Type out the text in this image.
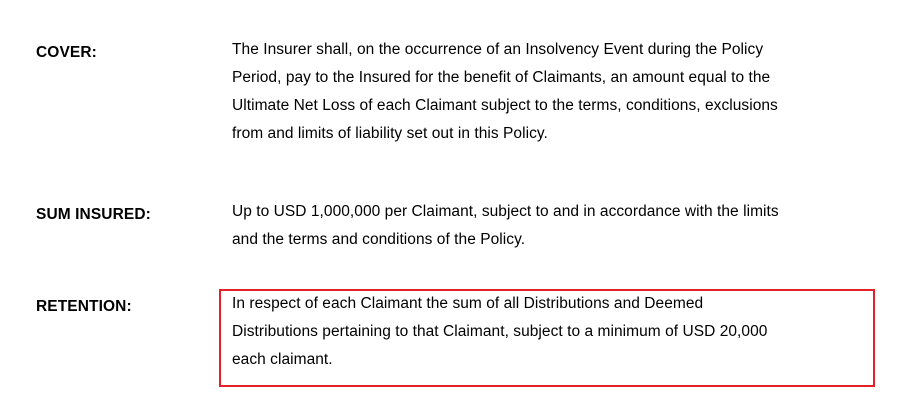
COVER:	The Insurer shall, on the occurrence of an Insolvency Event during the Policy
Period, pay to the Insured for the benefit of Claimants, an amount equal to the
Ultimate Net Loss of each Claimant subject to the terms, conditions, exclusions
from and limits of liability set out in this Policy.
SUM INSURED:	Up to USD 1,000,000 per Claimant, subject to and in accordance with the limits
and the terms and conditions of the Policy.
RETENTION:	In respect of each Claimant the sum of all Distributions and Deemed
Distributions pertaining to that Claimant, subject to a minimum of USD 20,000
each claimant.
